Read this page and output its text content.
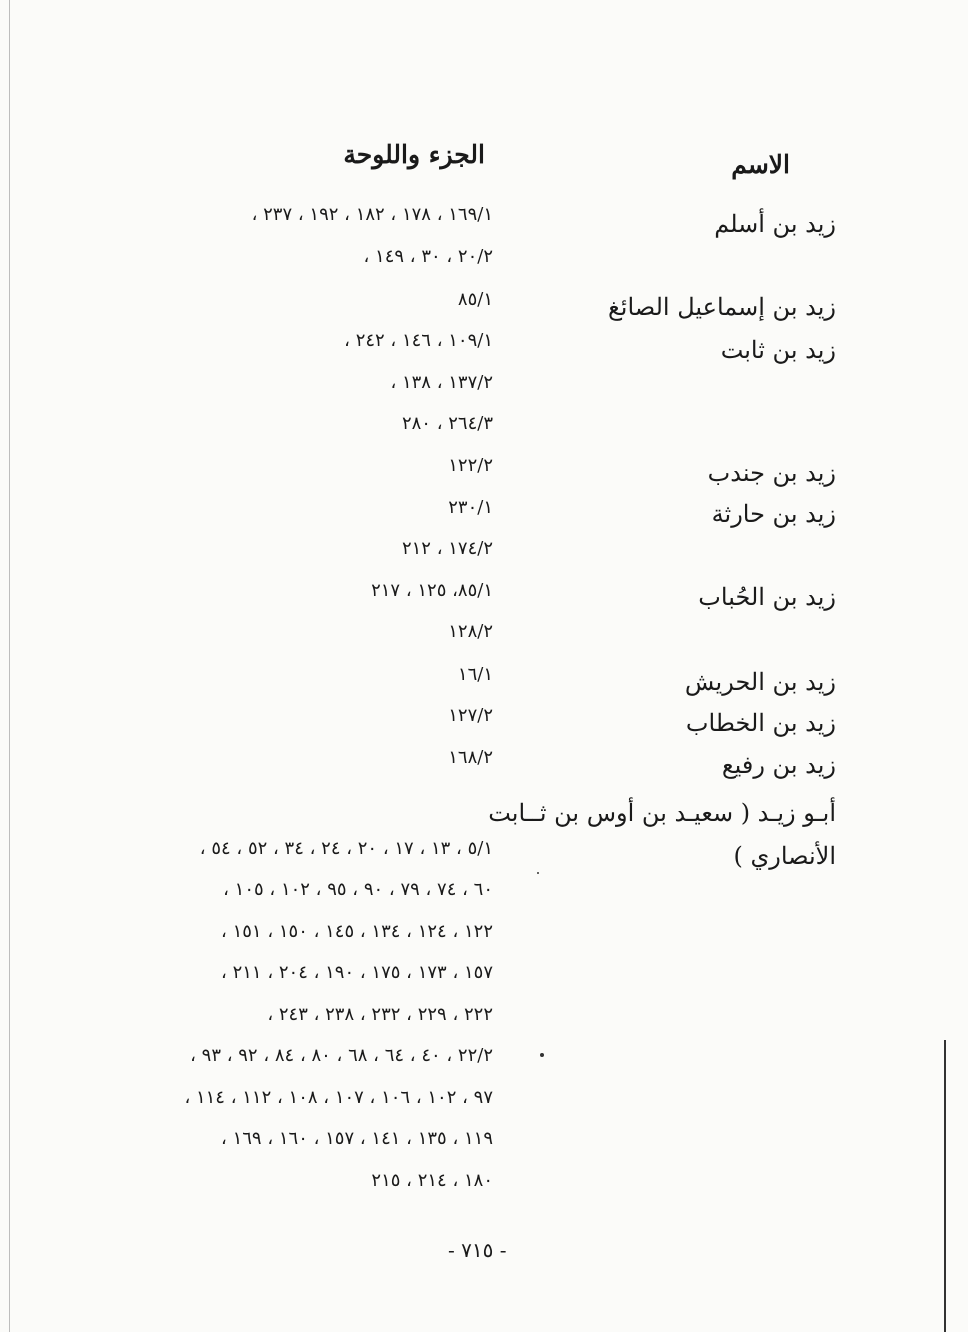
الاسم
الجزء واللوحة
زيد بن أسلم
١٦٩/١ ، ١٧٨ ، ١٨٢ ، ١٩٢ ، ٢٣٧ ،
٢٠/٢ ، ٣٠ ، ١٤٩ ،
زيد بن إسماعيل الصائغ
٨٥/١
زيد بن ثابت
١٠٩/١ ، ١٤٦ ، ٢٤٢ ،
١٣٧/٢ ، ١٣٨ ،
٢٦٤/٣ ، ٢٨٠
زيد بن جندب
١٢٢/٢
زيد بن حارثة
٢٣٠/١
١٧٤/٢ ، ٢١٢
زيد بن الحُباب
٨٥/١، ١٢٥ ، ٢١٧
١٢٨/٢
زيد بن الحريش
١٦/١
زيد بن الخطاب
١٢٧/٢
زيد بن رفيع
١٦٨/٢
أبـو زيـد ( سعيـد بن أوس بن ثــابت
الأنصاري )
٥/١ ، ١٣ ، ١٧ ، ٢٠ ، ٢٤ ، ٣٤ ، ٥٢ ، ٥٤ ،
٦٠ ، ٧٤ ، ٧٩ ، ٩٠ ، ٩٥ ، ١٠٢ ، ١٠٥ ،
١٢٢ ، ١٢٤ ، ١٣٤ ، ١٤٥ ، ١٥٠ ، ١٥١ ،
١٥٧ ، ١٧٣ ، ١٧٥ ، ١٩٠ ، ٢٠٤ ، ٢١١ ،
٢٢٢ ، ٢٢٩ ، ٢٣٢ ، ٢٣٨ ، ٢٤٣ ،
٢٢/٢ ، ٤٠ ، ٦٤ ، ٦٨ ، ٨٠ ، ٨٤ ، ٩٢ ، ٩٣ ،
٩٧ ، ١٠٢ ، ١٠٦ ، ١٠٧ ، ١٠٨ ، ١١٢ ، ١١٤ ،
١١٩ ، ١٣٥ ، ١٤١ ، ١٥٧ ، ١٦٠ ، ١٦٩ ،
١٨٠ ، ٢١٤ ، ٢١٥
- ٧١٥ -
